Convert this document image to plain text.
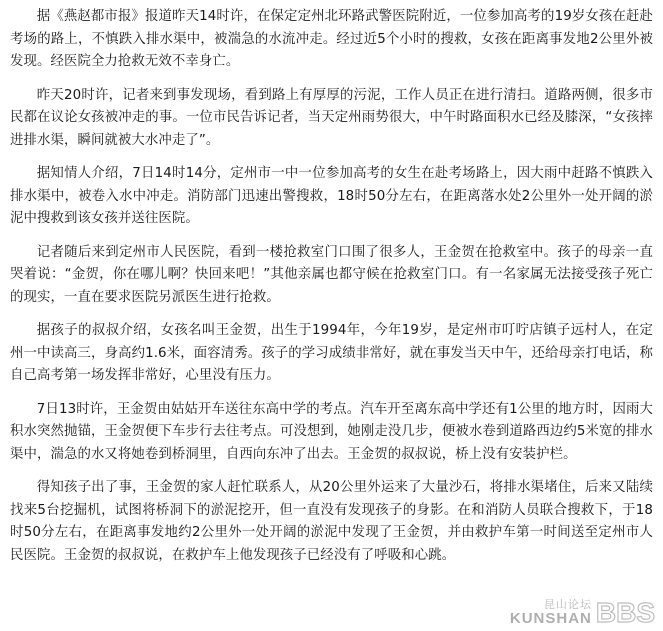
据《燕赵都市报》报道昨天14时许，在保定定州北环路武警医院附近，一位参加高考的19岁女孩在赶赴考场的路上，不慎跌入排水渠中，被湍急的水流冲走。经过近5个小时的搜救，女孩在距离事发地2公里外被发现。经医院全力抢救无效不幸身亡。

昨天20时许，记者来到事发现场，看到路上有厚厚的污泥，工作人员正在进行清扫。道路两侧，很多市民都在议论女孩被冲走的事。一位市民告诉记者，当天定州雨势很大，中午时路面积水已经及膝深，“女孩摔进排水渠，瞬间就被大水冲走了”。

据知情人介绍，7日14时14分，定州市一中一位参加高考的女生在赴考场路上，因大雨中赶路不慎跌入排水渠中，被卷入水中冲走。消防部门迅速出警搜救，18时50分左右，在距离落水处2公里外一处开阔的淤泥中搜救到该女孩并送往医院。

记者随后来到定州市人民医院，看到一楼抢救室门口围了很多人，王金贺在抢救室中。孩子的母亲一直哭着说：“金贺，你在哪儿啊？快回来吧！”其他亲属也都守候在抢救室门口。有一名家属无法接受孩子死亡的现实，一直在要求医院另派医生进行抢救。

据孩子的叔叔介绍，女孩名叫王金贺，出生于1994年，今年19岁，是定州市叮咛店镇子远村人，在定州一中读高三，身高约1.6米，面容清秀。孩子的学习成绩非常好，就在事发当天中午，还给母亲打电话，称自己高考第一场发挥非常好，心里没有压力。

7日13时许，王金贺由姑姑开车送往东高中学的考点。汽车开至离东高中学还有1公里的地方时，因雨大积水突然抛锚，王金贺便下车步行去往考点。可没想到，她刚走没几步，便被水卷到道路西边约5米宽的排水渠中，湍急的水又将她卷到桥洞里，自西向东冲了出去。王金贺的叔叔说，桥上没有安装护栏。

得知孩子出了事，王金贺的家人赶忙联系人，从20公里外运来了大量沙石，将排水渠堵住，后来又陆续找来5台挖掘机，试图将桥洞下的淤泥挖开，但一直没有发现孩子的身影。在和消防人员联合搜救下，于18时50分左右，在距离事发地约2公里外一处开阔的淤泥中发现了王金贺，并由救护车第一时间送至定州市人民医院。王金贺的叔叔说，在救护车上他发现孩子已经没有了呼吸和心跳。

昆山论坛
KUNSHAN BBS
